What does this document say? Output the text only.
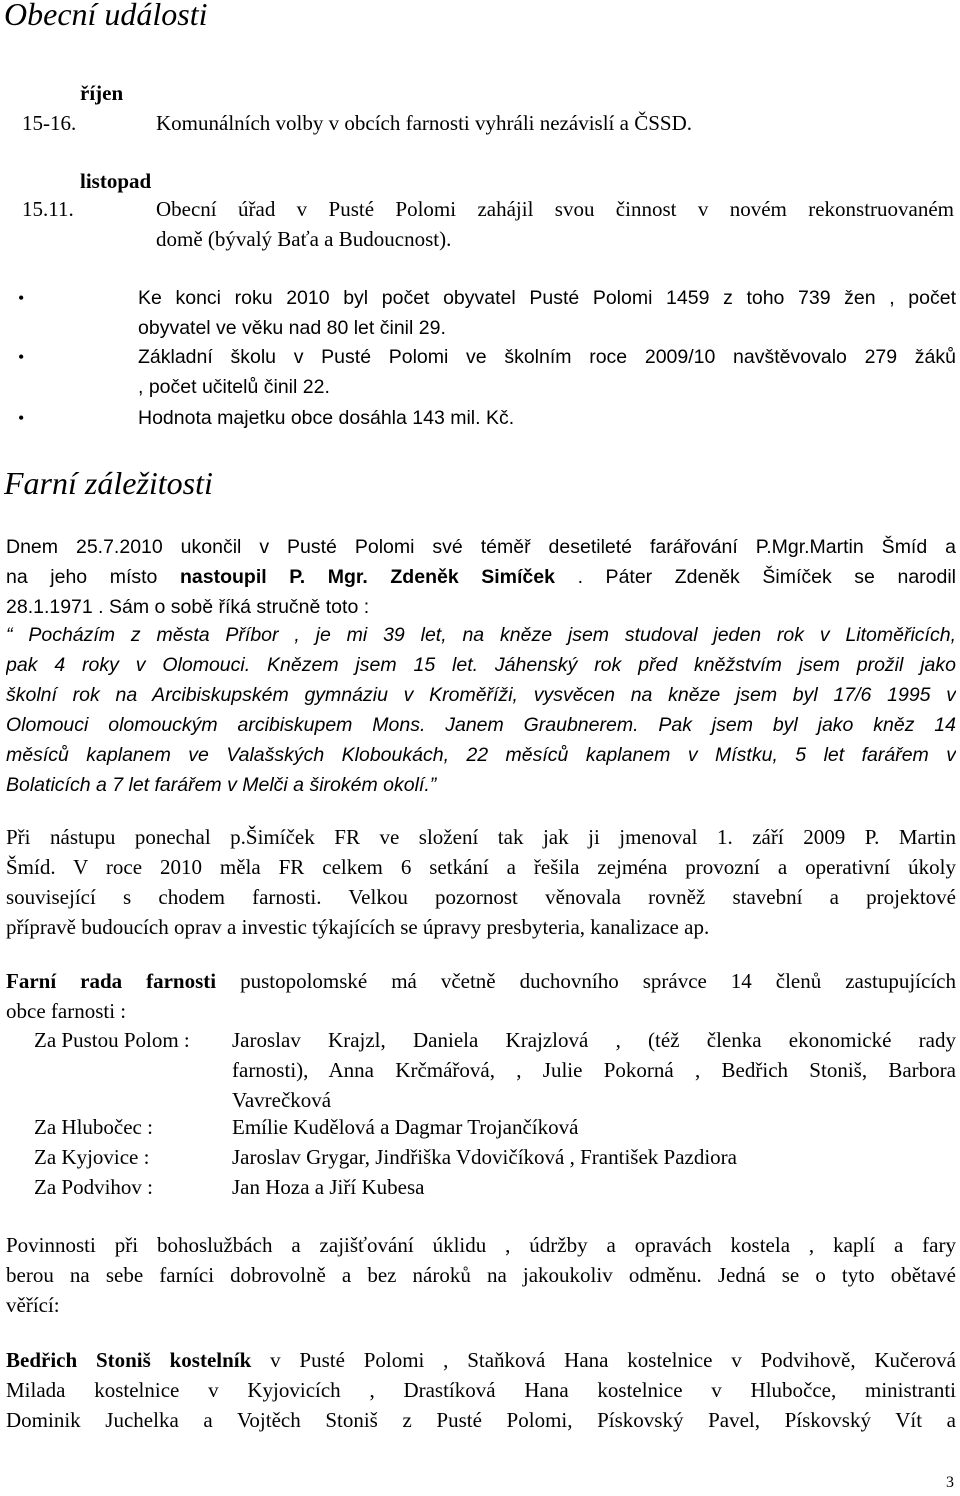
Obecní události
říjen
15-16.	Komunálních volby v obcích farnosti vyhráli nezávislí a ČSSD.
listopad
15.11.	Obecní úřad v Pusté Polomi zahájil svou činnost v novém rekonstruovaném
domě (bývalý Baťa a Budoucnost).
•	Ke konci roku 2010 byl počet obyvatel Pusté Polomi 1459 z toho 739 žen , počet
obyvatel ve věku nad 80 let činil 29.
•	Základní školu v Pusté Polomi ve školním roce 2009/10 navštěvovalo 279 žáků
, počet učitelů činil 22.
•	Hodnota majetku obce dosáhla 143 mil. Kč.
Farní záležitosti
Dnem 25.7.2010 ukončil v Pusté Polomi své téměř desetileté farářování P.Mgr.Martin Šmíd a
na jeho místo nastoupil P. Mgr. Zdeněk Simíček . Páter Zdeněk Šimíček se narodil
28.1.1971 . Sám o sobě říká stručně toto :
“ Pocházím z města Příbor , je mi 39 let, na kněze jsem studoval jeden rok v Litoměřicích,
pak 4 roky v Olomouci. Knězem jsem 15 let. Jáhenský rok před kněžstvím jsem prožil jako
školní rok na Arcibiskupském gymnáziu v Kroměříži, vysvěcen na kněze jsem byl 17/6 1995 v
Olomouci olomouckým arcibiskupem Mons. Janem Graubnerem. Pak jsem byl jako kněz 14
měsíců kaplanem ve Valašských Kloboukách, 22 měsíců kaplanem v Místku, 5 let farářem v
Bolaticích a 7 let farářem v Melči a širokém okolí.”
Při nástupu ponechal p.Šimíček FR ve složení tak jak ji jmenoval 1. září 2009 P. Martin
Šmíd. V roce 2010 měla FR celkem 6 setkání a řešila zejména provozní a operativní úkoly
související s chodem farnosti. Velkou pozornost věnovala rovněž stavební a projektové
přípravě budoucích oprav a investic týkajících se úpravy presbyteria, kanalizace ap.
Farní rada farnosti pustopolomské má včetně duchovního správce 14 členů zastupujících
obce farnosti :
Za Pustou Polom : Jaroslav Krajzl, Daniela Krajzlová , (též členka ekonomické rady
farnosti), Anna Krčmářová, , Julie Pokorná , Bedřich Stoniš, Barbora
Vavrečková
Za Hlubočec :	Emílie Kudělová a Dagmar Trojančíková
Za Kyjovice :	Jaroslav Grygar, Jindřiška Vdovičíková , František Pazdiora
Za Podvihov :	Jan Hoza a Jiří Kubesa
Povinnosti při bohoslužbách a zajišťování úklidu , údržby a opravách kostela , kaplí a fary
berou na sebe farníci dobrovolně a bez nároků na jakoukoliv odměnu. Jedná se o tyto obětavé
věřící:
Bedřich Stoniš kostelník v Pusté Polomi , Staňková Hana kostelnice v Podvihově, Kučerová
Milada kostelnice v Kyjovicích , Drastíková Hana kostelnice v Hlubočce, ministranti
Dominik Juchelka a Vojtěch Stoniš z Pusté Polomi, Pískovský Pavel, Pískovský Vít a
3
